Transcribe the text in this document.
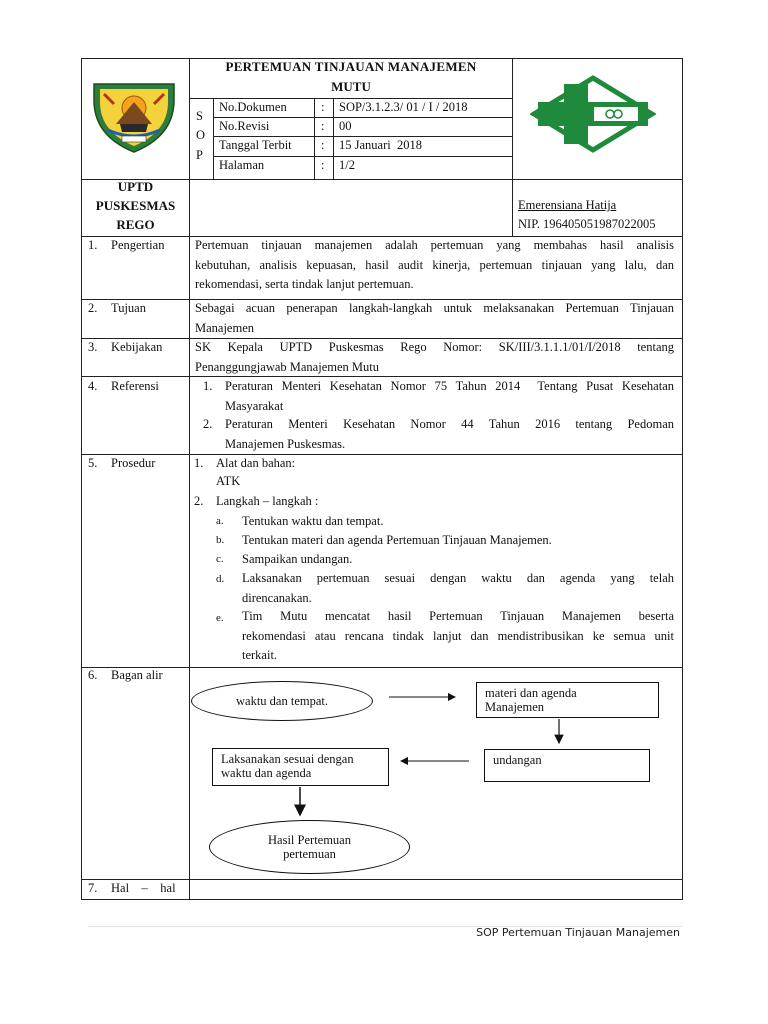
PERTEMUAN TINJAUAN MANAJEMEN
MUTU
S
O
P
No.Dokumen	: SOP/3.1.2.3/ 01 / I / 2018
No.Revisi	: 00
Tanggal Terbit : 15 Januari  2018
Halaman	: 1/2
UPTD
PUSKESMAS
REGO
Emerensiana Hatija
NIP. 196405051987022005
1. Pengertian Pertemuan tinjauan manajemen adalah pertemuan yang membahas hasil analisis
kebutuhan, analisis kepuasan, hasil audit kinerja, pertemuan tinjauan yang lalu, dan
rekomendasi, serta tindak lanjut pertemuan.
2. Tujuan	Sebagai acuan penerapan langkah-langkah untuk melaksanakan Pertemuan Tinjauan
Manajemen
3. Kebijakan	SK Kepala UPTD Puskesmas Rego Nomor: SK/III/3.1.1.1/01/I/2018 tentang
Penanggungjawab Manajemen Mutu
4. Referensi	1. Peraturan Menteri Kesehatan Nomor 75 Tahun 2014  Tentang Pusat Kesehatan
Masyarakat
2. Peraturan Menteri Kesehatan Nomor 44 Tahun 2016 tentang Pedoman
Manajemen Puskesmas.
5. Prosedur	1. Alat dan bahan:
ATK
2. Langkah – langkah :
a. Tentukan waktu dan tempat.
b. Tentukan materi dan agenda Pertemuan Tinjauan Manajemen.
c. Sampaikan undangan.
d. Laksanakan pertemuan sesuai dengan waktu dan agenda yang telah
direncanakan.
e. Tim Mutu mencatat hasil Pertemuan Tinjauan Manajemen beserta
rekomendasi atau rencana tindak lanjut dan mendistribusikan ke semua unit
terkait.
6. Bagan alir
waktu dan tempat.
materi dan agenda
Manajemen
undangan
Laksanakan sesuai dengan
waktu dan agenda
Hasil Pertemuan
pertemuan
7. Hal    –    hal
SOP Pertemuan Tinjauan Manajemen
